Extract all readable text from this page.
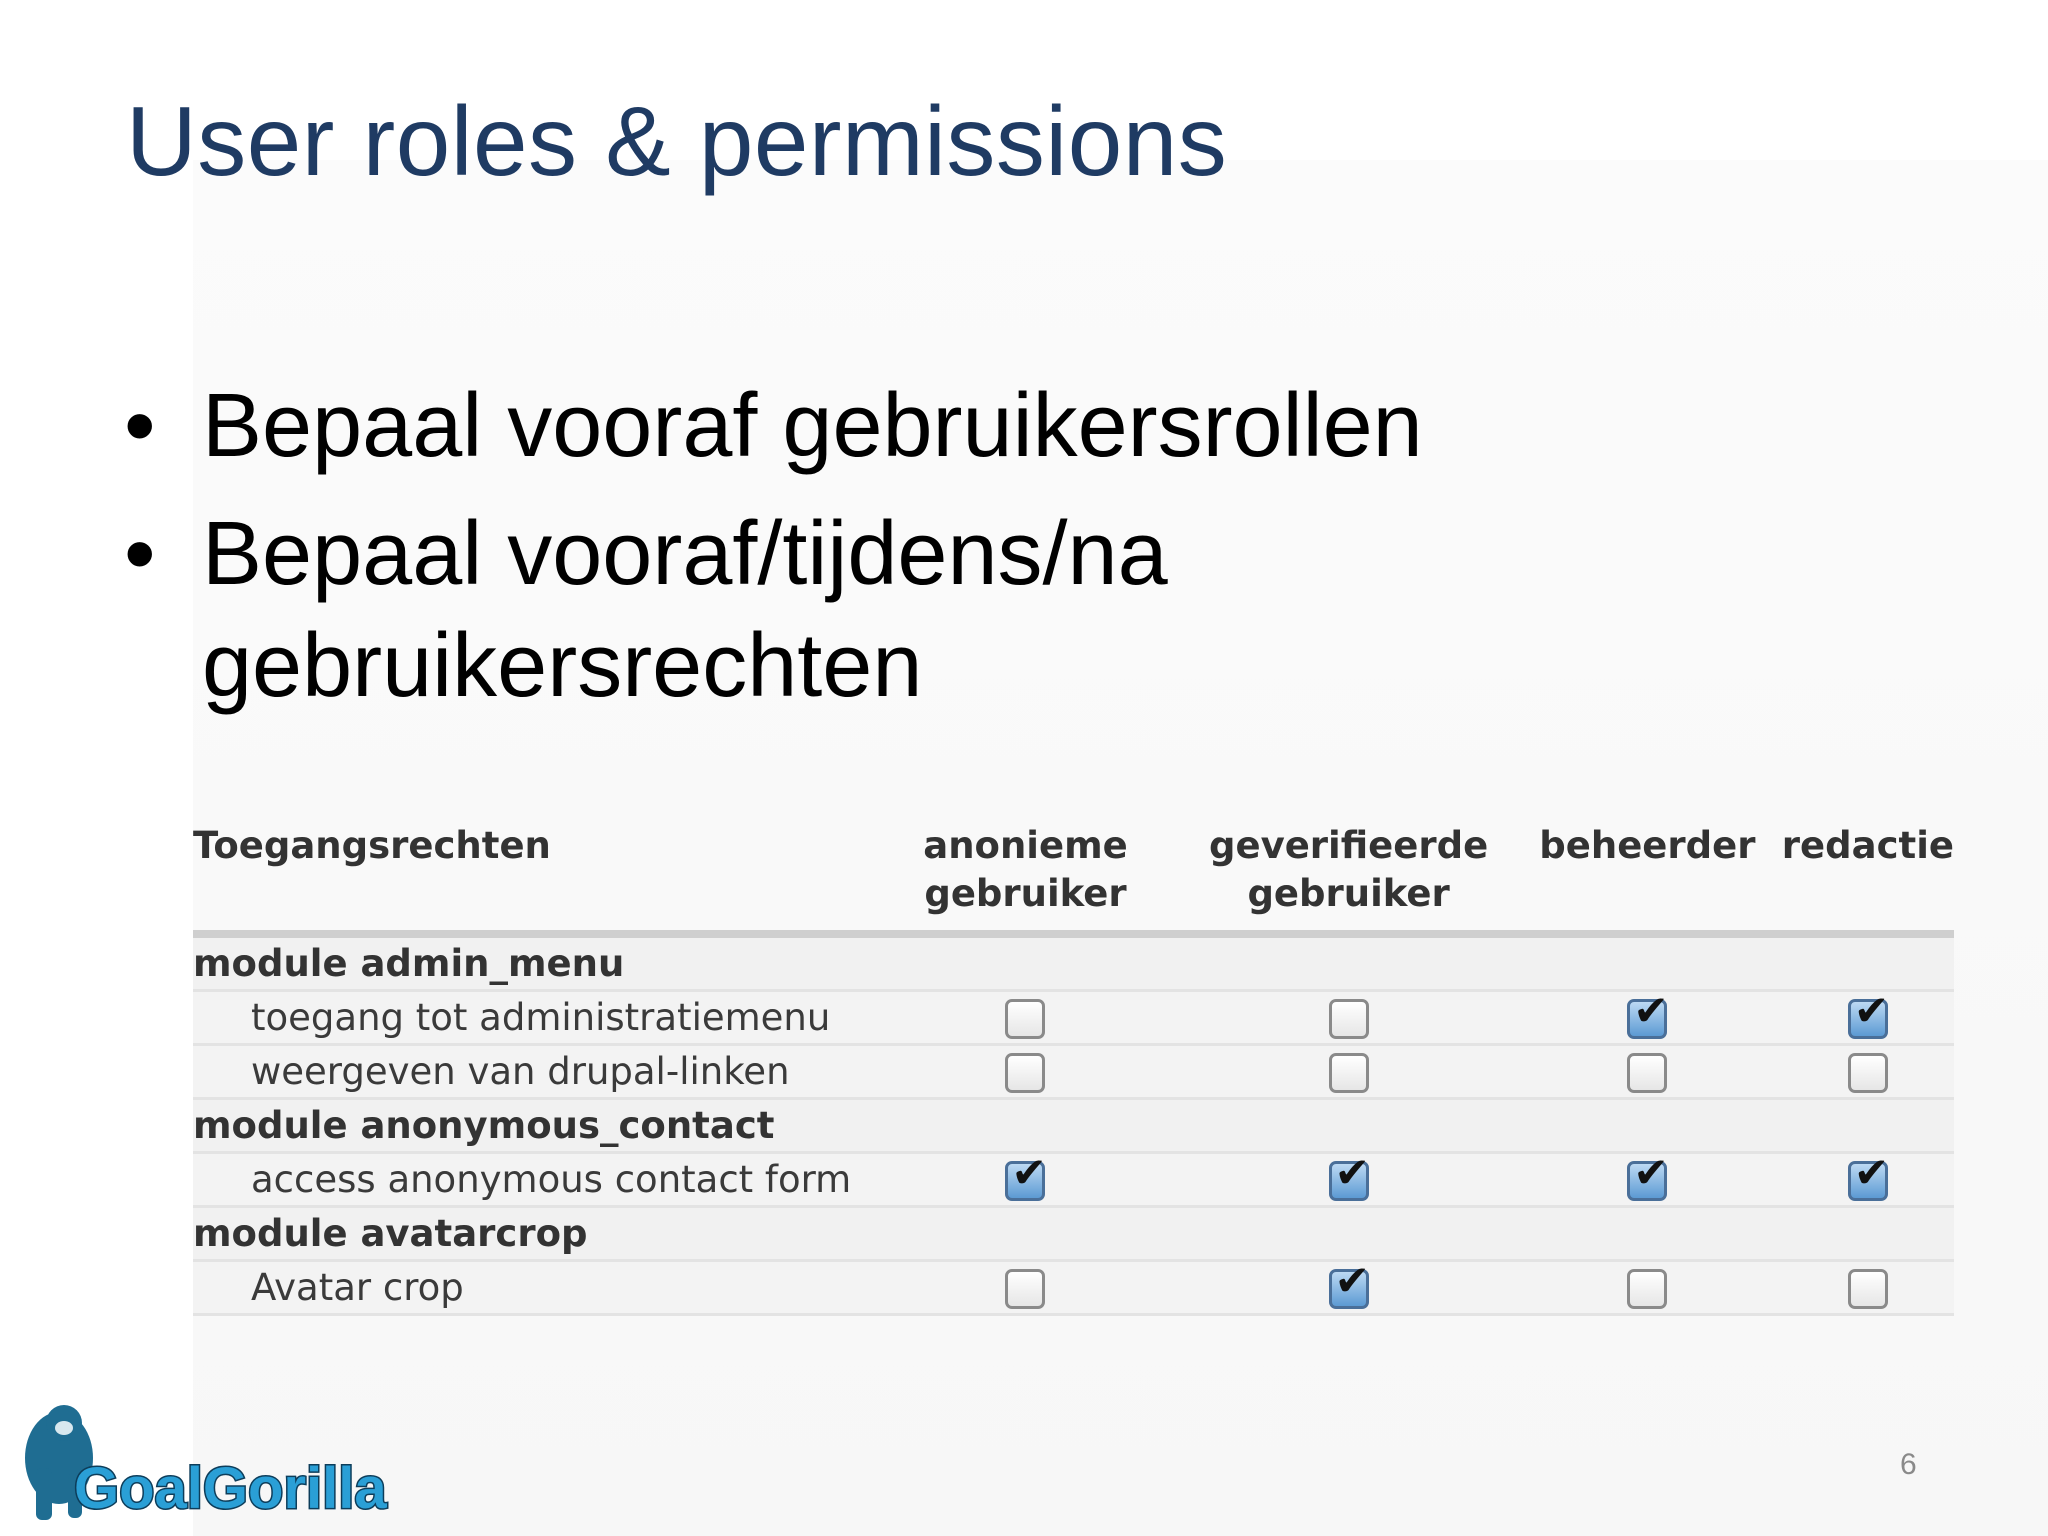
User roles & permissions
• Bepaal vooraf gebruikersrollen
• Bepaal vooraf/tijdens/na gebruikersrechten
Toegangsrechten	anonieme gebruiker	geverifieerde gebruiker	beheerder	redactie
module admin_menu				
toegang tot administratiemenu			✔	✔
weergeven van drupal-linken				
module anonymous_contact				
access anonymous contact form	✔	✔	✔	✔
module avatarcrop				
Avatar crop		✔		
GoalGorilla	6
